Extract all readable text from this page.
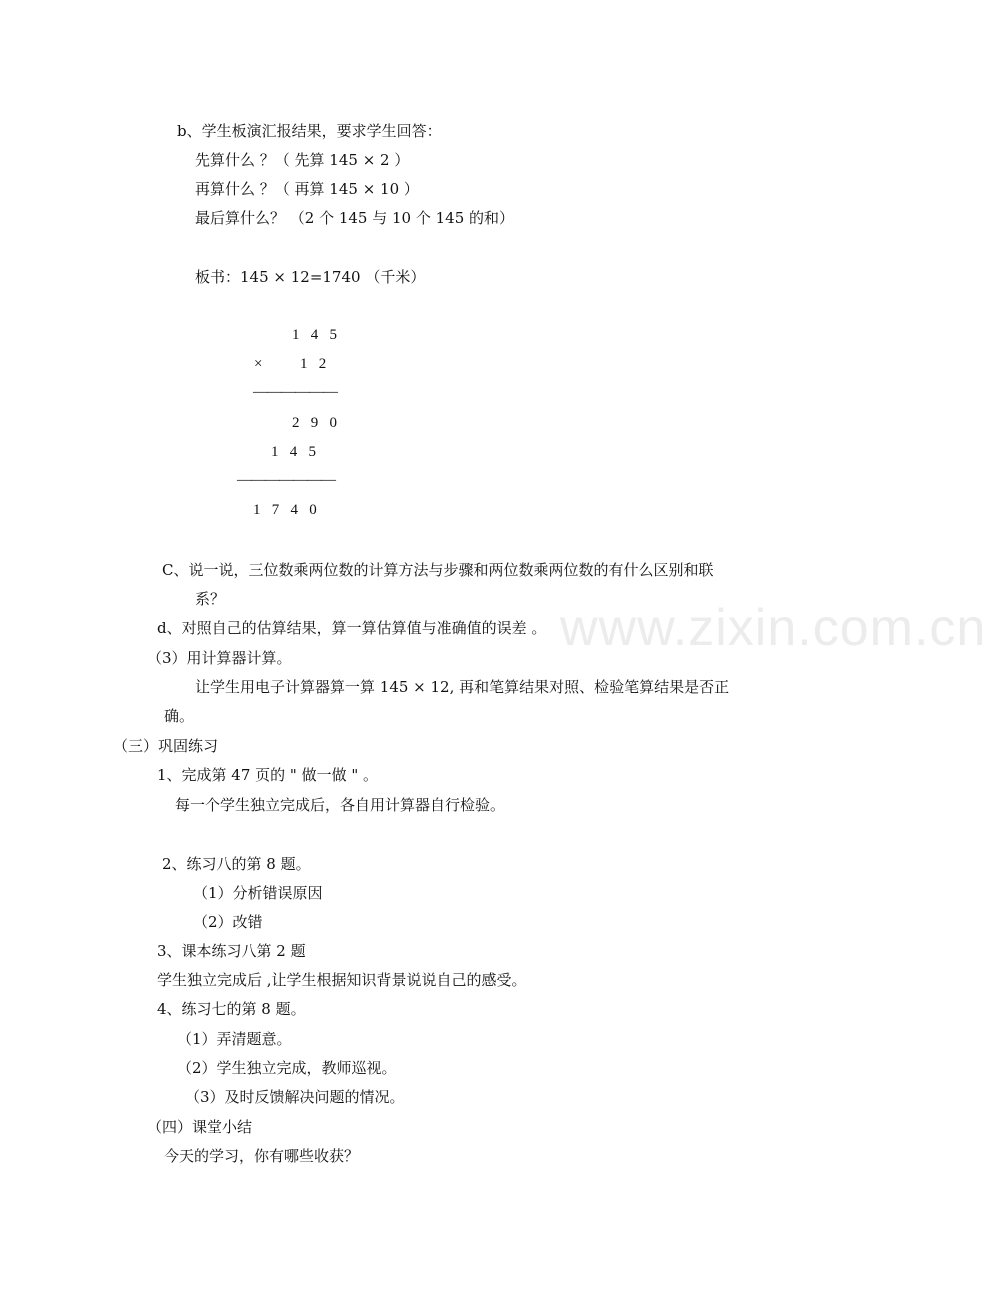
b、学生板演汇报结果，要求学生回答：
先算什么 ？（ 先算 145 × 2 ）
再算什么 ？（ 再算 145 × 10 ）
最后算什么？ （2 个 145 与 10 个 145 的和）
板书：145 × 12=1740 （千米）
1   4   5
×	1   2
——————
2   9   0
1   4   5
———————
1   7   4   0
C、说一说，三位数乘两位数的计算方法与步骤和两位数乘两位数的有什么区别和联
系？
d、对照自己的估算结果，算一算估算值与准确值的误差 。 www.zixin.com.cn
（3）用计算器计算。
让学生用电子计算器算一算 145 × 12, 再和笔算结果对照、检验笔算结果是否正
确。
（三）巩固练习
1、完成第 47 页的 " 做一做 " 。
每一个学生独立完成后，各自用计算器自行检验。
2、练习八的第 8 题。
（1）分析错误原因
（2）改错
3、课本练习八第 2 题
学生独立完成后 ,让学生根据知识背景说说自己的感受。
4、练习七的第 8 题。
（1）弄清题意。
（2）学生独立完成，教师巡视。
（3）及时反馈解决问题的情况。
（四）课堂小结
今天的学习，你有哪些收获？
